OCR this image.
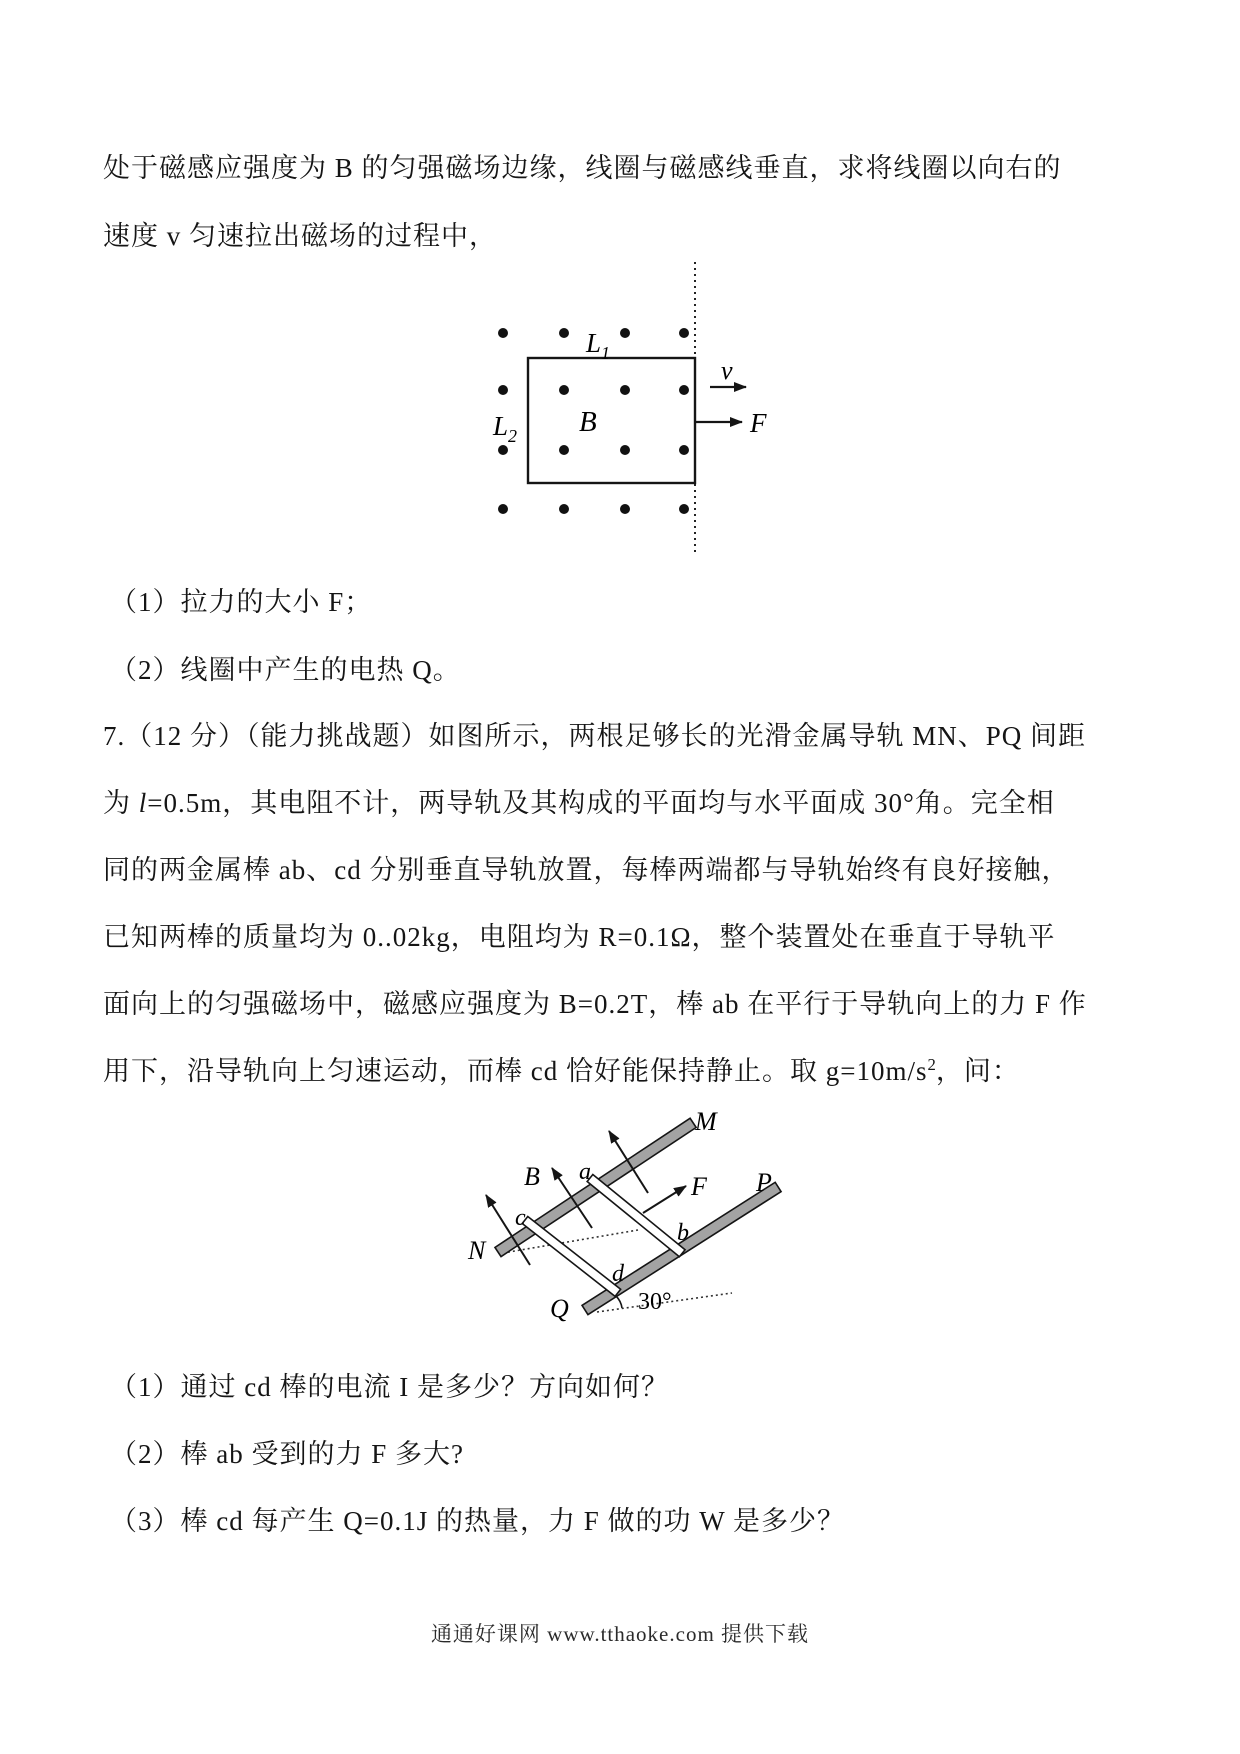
处于磁感应强度为 B 的匀强磁场边缘，线圈与磁感线垂直，求将线圈以向右的
速度 v 匀速拉出磁场的过程中，
$L_1$
$L_2$ B
v
F
（1）拉力的大小 F；
（2）线圈中产生的电热 Q。
7.（12 分）（能力挑战题）如图所示，两根足够长的光滑金属导轨 MN、PQ 间距
为 l=0.5m，其电阻不计，两导轨及其构成的平面均与水平面成 30°角。完全相
同的两金属棒 ab、cd 分别垂直导轨放置，每棒两端都与导轨始终有良好接触，
已知两棒的质量均为 0..02kg，电阻均为 R=0.1Ω，整个装置处在垂直于导轨平
面向上的匀强磁场中，磁感应强度为 B=0.2T，棒 ab 在平行于导轨向上的力 F 作
用下，沿导轨向上匀速运动，而棒 cd 恰好能保持静止。取 $g=10m/s^2$，问：
M
N
P
Q
a
b
c
d
B	F
30°
（1）通过 cd 棒的电流 I 是多少？方向如何？
（2）棒 ab 受到的力 F 多大?
（3）棒 cd 每产生 Q=0.1J 的热量，力 F 做的功 W 是多少？
通通好课网 www.tthaoke.com 提供下载
